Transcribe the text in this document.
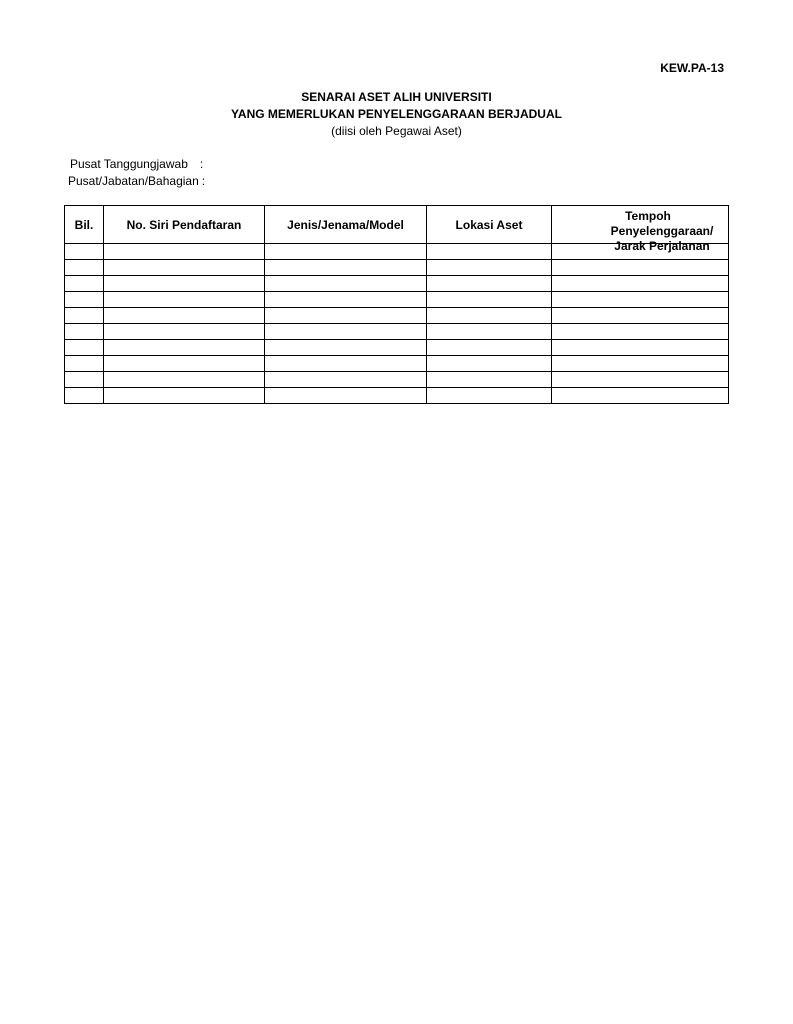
KEW.PA-13
SENARAI ASET ALIH UNIVERSITI
YANG MEMERLUKAN PENYELENGGARAAN BERJADUAL
(diisi oleh Pegawai Aset)
Pusat Tanggungjawab :
Pusat/Jabatan/Bahagian :
Bil.	No. Siri Pendaftaran	Jenis/Jenama/Model	Lokasi Aset	Tempoh
Penyelenggaraan/
Jarak Perjalanan
